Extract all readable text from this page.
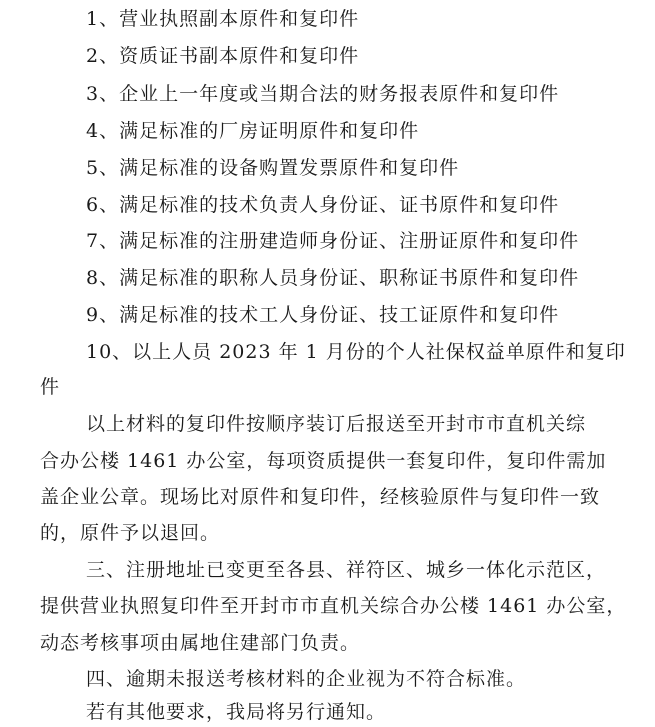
1、营业执照副本原件和复印件
2、资质证书副本原件和复印件
3、企业上一年度或当期合法的财务报表原件和复印件
4、满足标准的厂房证明原件和复印件
5、满足标准的设备购置发票原件和复印件
6、满足标准的技术负责人身份证、证书原件和复印件
7、满足标准的注册建造师身份证、注册证原件和复印件
8、满足标准的职称人员身份证、职称证书原件和复印件
9、满足标准的技术工人身份证、技工证原件和复印件
10、以上人员 2023 年 1 月份的个人社保权益单原件和复印
件
以上材料的复印件按顺序装订后报送至开封市市直机关综
合办公楼 1461 办公室，每项资质提供一套复印件，复印件需加
盖企业公章。现场比对原件和复印件，经核验原件与复印件一致
的，原件予以退回。
三、注册地址已变更至各县、祥符区、城乡一体化示范区，
提供营业执照复印件至开封市市直机关综合办公楼 1461 办公室，
动态考核事项由属地住建部门负责。
四、逾期未报送考核材料的企业视为不符合标准。
若有其他要求，我局将另行通知。
